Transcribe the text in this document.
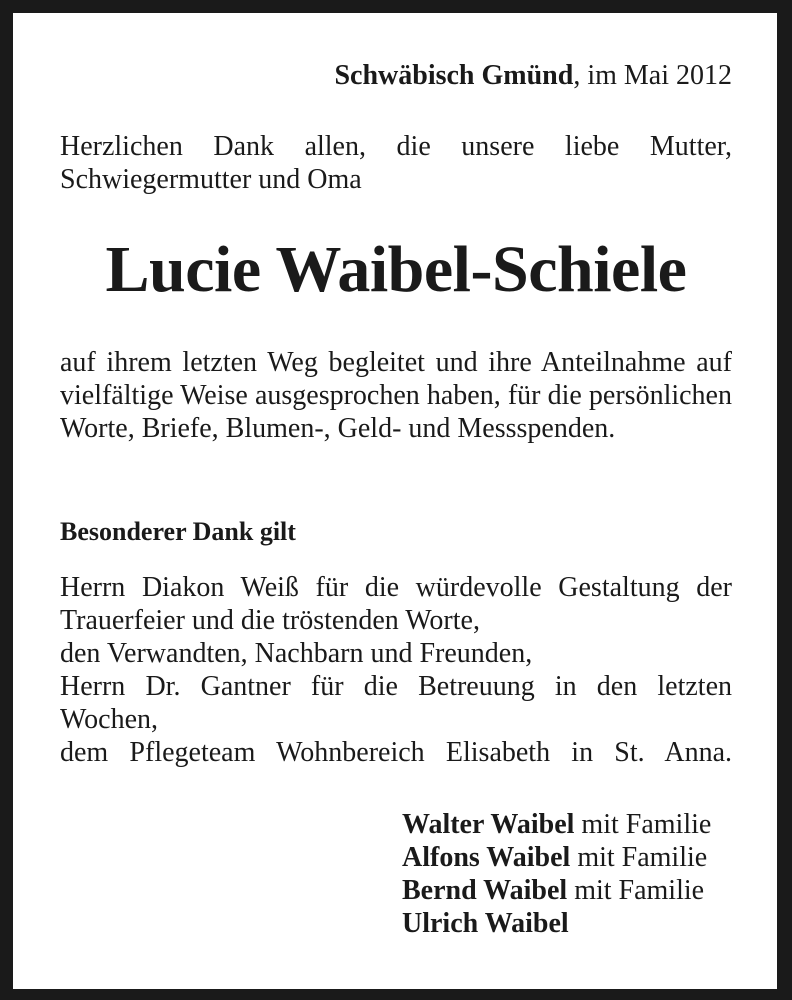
Schwäbisch Gmünd, im Mai 2012
Herzlichen Dank allen, die unsere liebe Mutter, Schwiegermutter und Oma
Lucie Waibel-Schiele
auf ihrem letzten Weg begleitet und ihre Anteilnahme auf vielfältige Weise ausgesprochen haben, für die persönlichen Worte, Briefe, Blumen-, Geld- und Messspenden.
Besonderer Dank gilt
Herrn Diakon Weiß für die würdevolle Gestaltung der
Trauerfeier und die tröstenden Worte,
den Verwandten, Nachbarn und Freunden,
Herrn Dr. Gantner für die Betreuung in den letzten
Wochen,
dem Pflegeteam Wohnbereich Elisabeth in St. Anna.
Walter Waibel mit Familie
Alfons Waibel mit Familie
Bernd Waibel mit Familie
Ulrich Waibel
